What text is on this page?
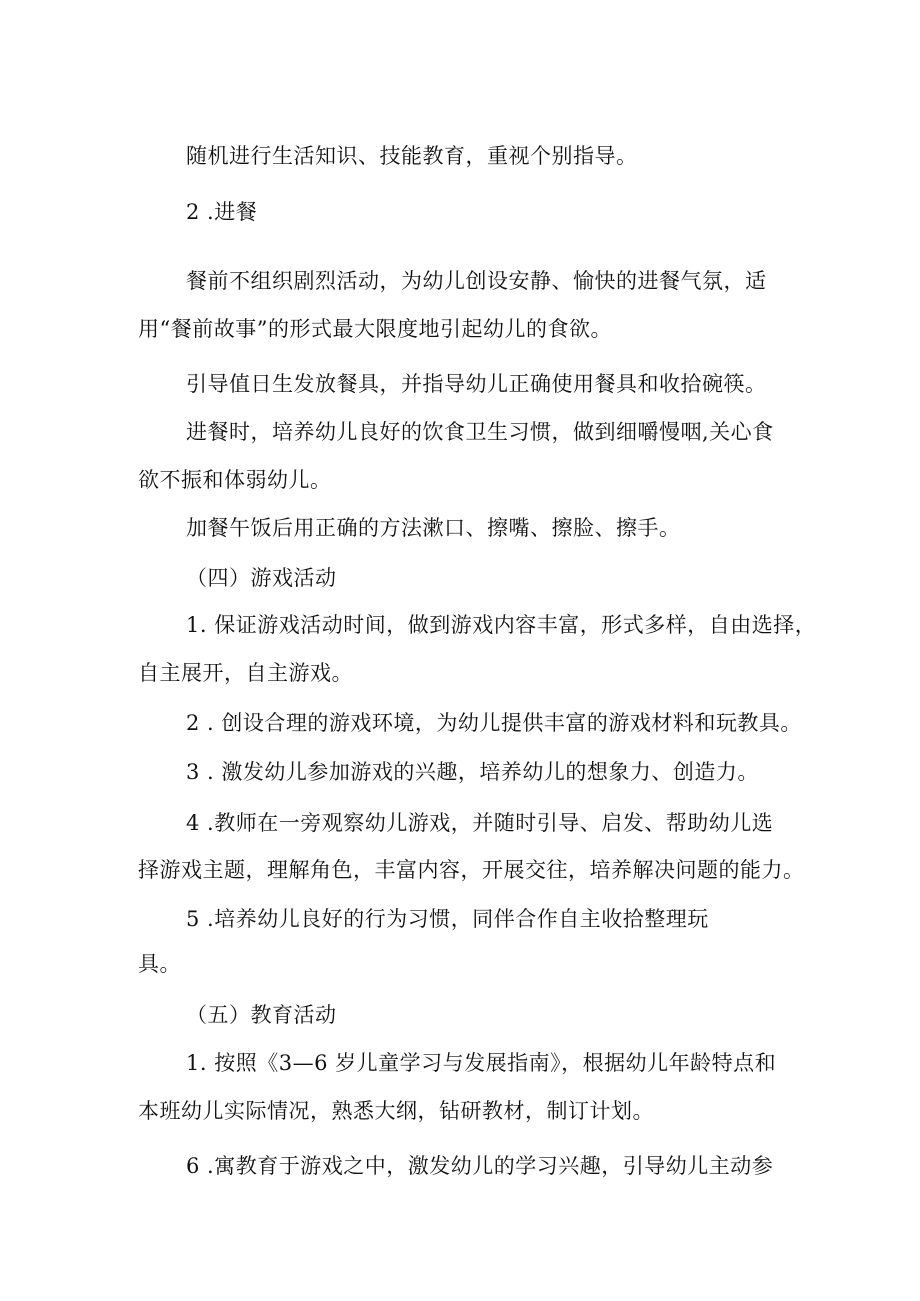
随机进行生活知识、技能教育，重视个别指导。
2 .进餐
餐前不组织剧烈活动，为幼儿创设安静、愉快的进餐气氛，适
用“餐前故事”的形式最大限度地引起幼儿的食欲。
引导值日生发放餐具，并指导幼儿正确使用餐具和收拾碗筷。
进餐时，培养幼儿良好的饮食卫生习惯，做到细嚼慢咽,关心食
欲不振和体弱幼儿。
加餐午饭后用正确的方法漱口、擦嘴、擦脸、擦手。
（四）游戏活动
1. 保证游戏活动时间，做到游戏内容丰富，形式多样，自由选择，
自主展开，自主游戏。
2 . 创设合理的游戏环境，为幼儿提供丰富的游戏材料和玩教具。
3 . 激发幼儿参加游戏的兴趣，培养幼儿的想象力、创造力。
4 .教师在一旁观察幼儿游戏，并随时引导、启发、帮助幼儿选
择游戏主题，理解角色，丰富内容，开展交往，培养解决问题的能力。
5 .培养幼儿良好的行为习惯，同伴合作自主收拾整理玩
具。
（五）教育活动
1. 按照《3—6 岁儿童学习与发展指南》，根据幼儿年龄特点和
本班幼儿实际情况，熟悉大纲，钻研教材，制订计划。
6 .寓教育于游戏之中，激发幼儿的学习兴趣，引导幼儿主动参
